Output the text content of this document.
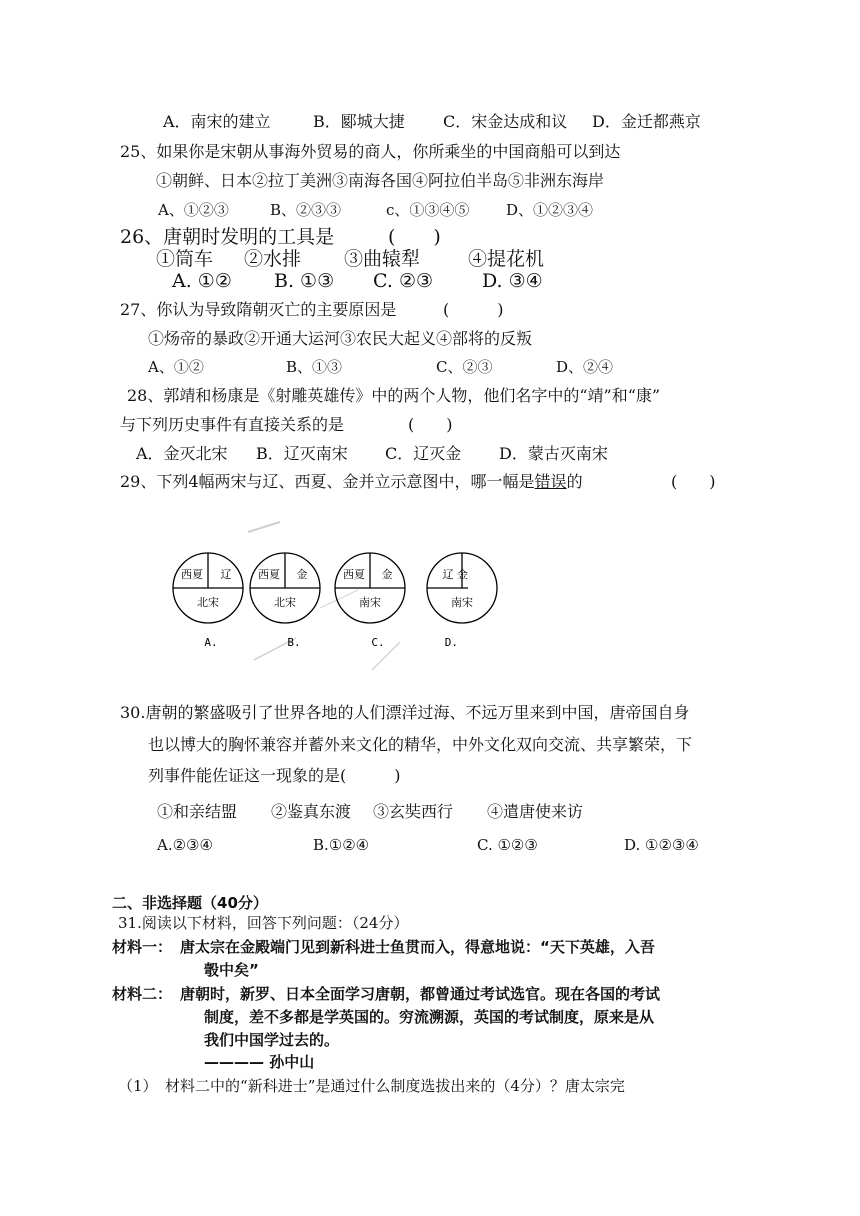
A．南宋的建立	B．郾城大捷 C．宋金达成和议 D．金迁都燕京
25、如果你是宋朝从事海外贸易的商人，你所乘坐的中国商船可以到达
①朝鲜、日本②拉丁美洲③南海各国④阿拉伯半岛⑤非洲东海岸
A、①②③	B、②③③	c、①③④⑤ D、①②③④
26、唐朝时发明的工具是	(　　)
①筒车 ②水排 ③曲辕犁	④提花机
A. ①② B. ①③ C. ②③	D. ③④
27、你认为导致隋朝灭亡的主要原因是	(　　　)
①炀帝的暴政②开通大运河③农民大起义④部将的反叛
A、①②	B、①③	C、②③	D、②④
28、郭靖和杨康是《射雕英雄传》中的两个人物，他们名字中的“靖”和“康”
与下列历史事件有直接关系的是	(　　)
A．金灭北宋 B．辽灭南宋 C．辽灭金 D．蒙古灭南宋
29、下列4幅两宋与辽、西夏、金并立示意图中，哪一幅是错误的	(　　)
西夏 辽
北宋
A.
西夏 金
北宋
B.
西夏 金
南宋
C.
辽 金
南宋
D.
30.唐朝的繁盛吸引了世界各地的人们漂洋过海、不远万里来到中国，唐帝国自身
也以博大的胸怀兼容并蓄外来文化的精华，中外文化双向交流、共享繁荣，下
列事件能佐证这一现象的是(　　　)
①和亲结盟 ②鉴真东渡 ③玄奘西行 ④遣唐使来访
A.②③④	B.①②④	C. ①②③	D. ①②③④
二、非选择题（40分）
31.阅读以下材料，回答下列问题：（24分）
材料一： 唐太宗在金殿端门见到新科进士鱼贯而入，得意地说：“天下英雄，入吾
彀中矣”
材料二： 唐朝时，新罗、日本全面学习唐朝，都曾通过考试选官。现在各国的考试
制度，差不多都是学英国的。穷流溯源，英国的考试制度，原来是从
我们中国学过去的。
———— 孙中山
（1）　材料二中的“新科进士”是通过什么制度选拔出来的（4分）？唐太宗完
